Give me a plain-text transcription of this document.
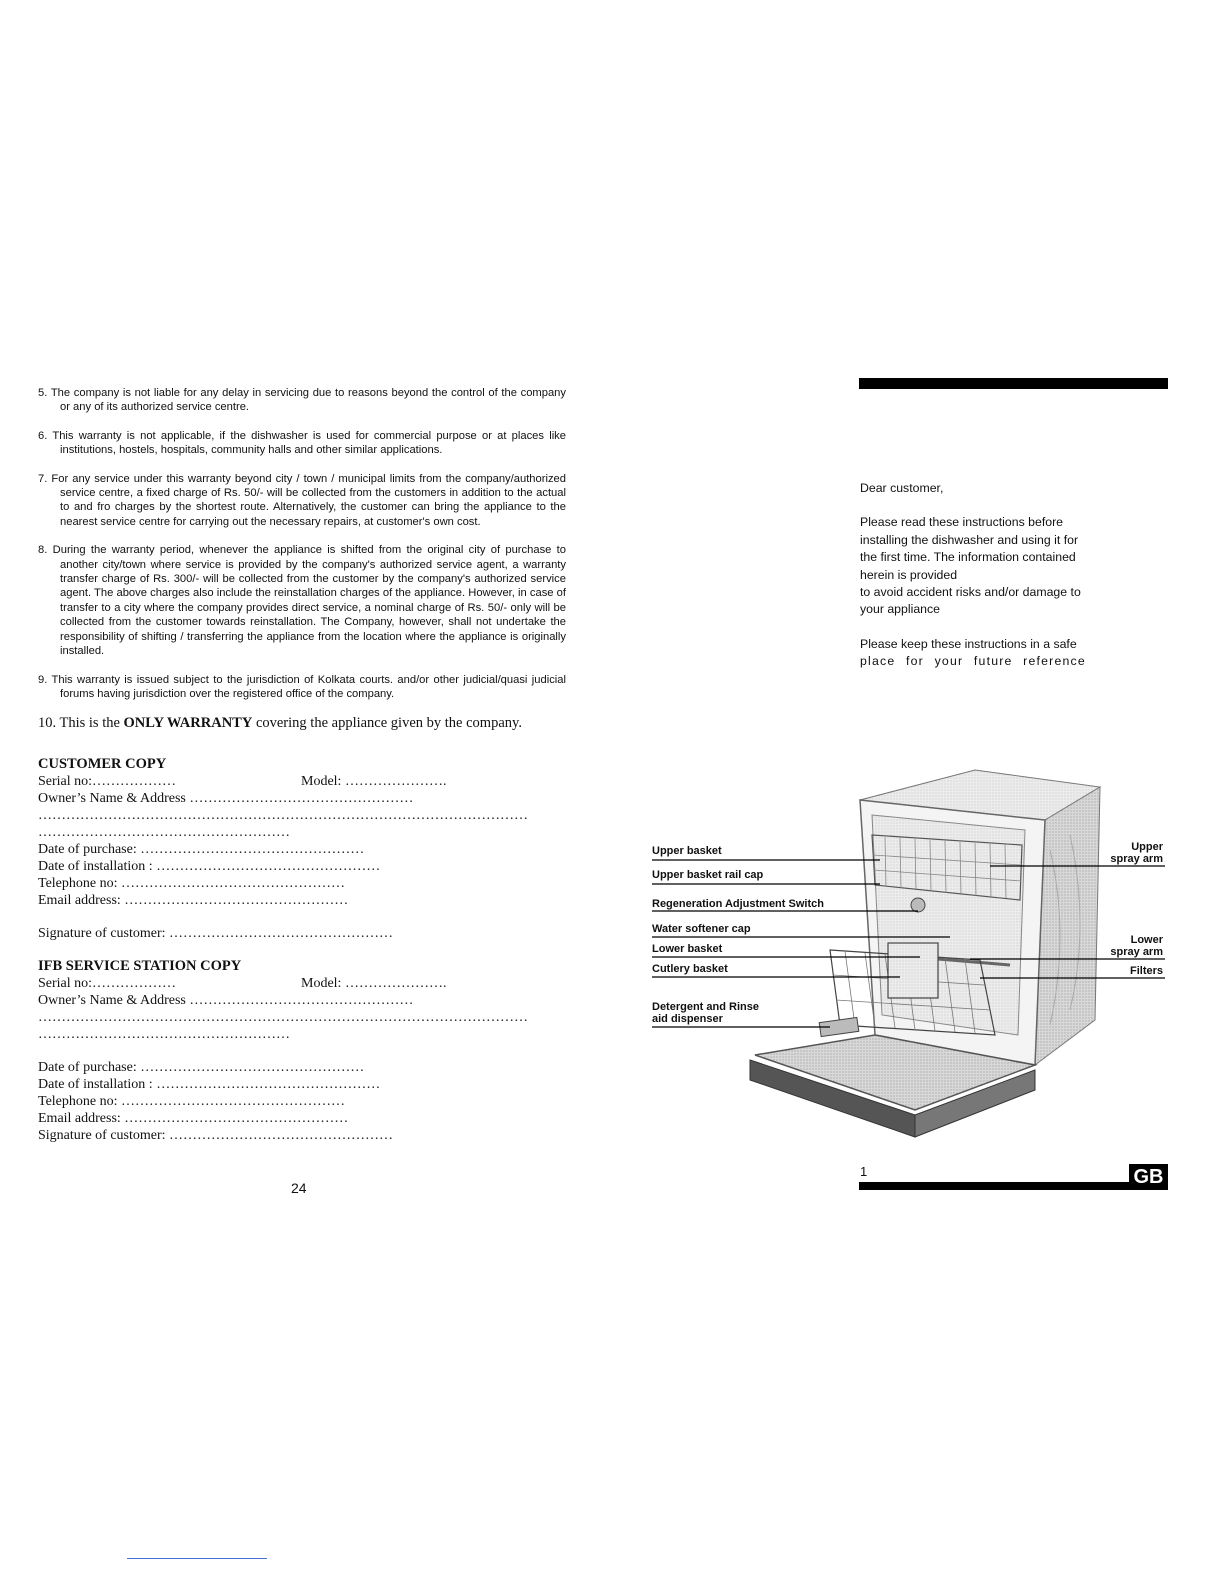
5. The company is not liable for any delay in servicing due to reasons beyond the control of the company or any of its authorized service centre.

6. This warranty is not applicable, if the dishwasher is used for commercial purpose or at places like institutions, hostels, hospitals, community halls and other similar applications.

7. For any service under this warranty beyond city / town / municipal limits from the company/authorized service centre, a fixed charge of Rs. 50/- will be collected from the customers in addition to the actual to and fro charges by the shortest route. Alternatively, the customer can bring the appliance to the nearest service centre for carrying out the necessary repairs, at customer's own cost.

8. During the warranty period, whenever the appliance is shifted from the original city of purchase to another city/town where service is provided by the company's authorized service agent, a warranty transfer charge of Rs. 300/- will be collected from the customer by the company's authorized service agent. The above charges also include the reinstallation charges of the appliance. However, in case of transfer to a city where the company provides direct service, a nominal charge of Rs. 50/- only will be collected from the customer towards reinstallation. The Company, however, shall not undertake the responsibility of shifting / transferring the appliance from the location where the appliance is originally installed.

9. This warranty is issued subject to the jurisdiction of Kolkata courts. and/or other judicial/quasi judicial forums having jurisdiction over the registered office of the company.

10. This is the ONLY WARRANTY covering the appliance given by the company.

CUSTOMER COPY

Serial no:………………	Model: ………………….

Owner’s Name & Address …………………………………………

……………………………………………………………………………………………

………………………………………………

Date of purchase: …………………………………………

Date of installation : …………………………………………

Telephone no: …………………………………………

Email address: …………………………………………

Signature of customer: …………………………………………

IFB SERVICE STATION COPY

Serial no:………………	Model: ………………….

Owner’s Name & Address …………………………………………

……………………………………………………………………………………………

………………………………………………

Date of purchase: …………………………………………

Date of installation : …………………………………………

Telephone no: …………………………………………

Email address: …………………………………………

Signature of customer: …………………………………………

24

Dear customer,

Please read these instructions before
installing the dishwasher and using it for
the first time. The information contained
herein is provided
to avoid accident risks and/or damage to
your appliance

Please keep these instructions in a safe
place for your future reference

Upper basket
Upper basket rail cap
Regeneration Adjustment Switch
Water softener cap
Lower basket
Cutlery basket
Detergent and Rinse
aid dispenser
Upper
spray arm
Lower
spray arm
Filters
1	GB
